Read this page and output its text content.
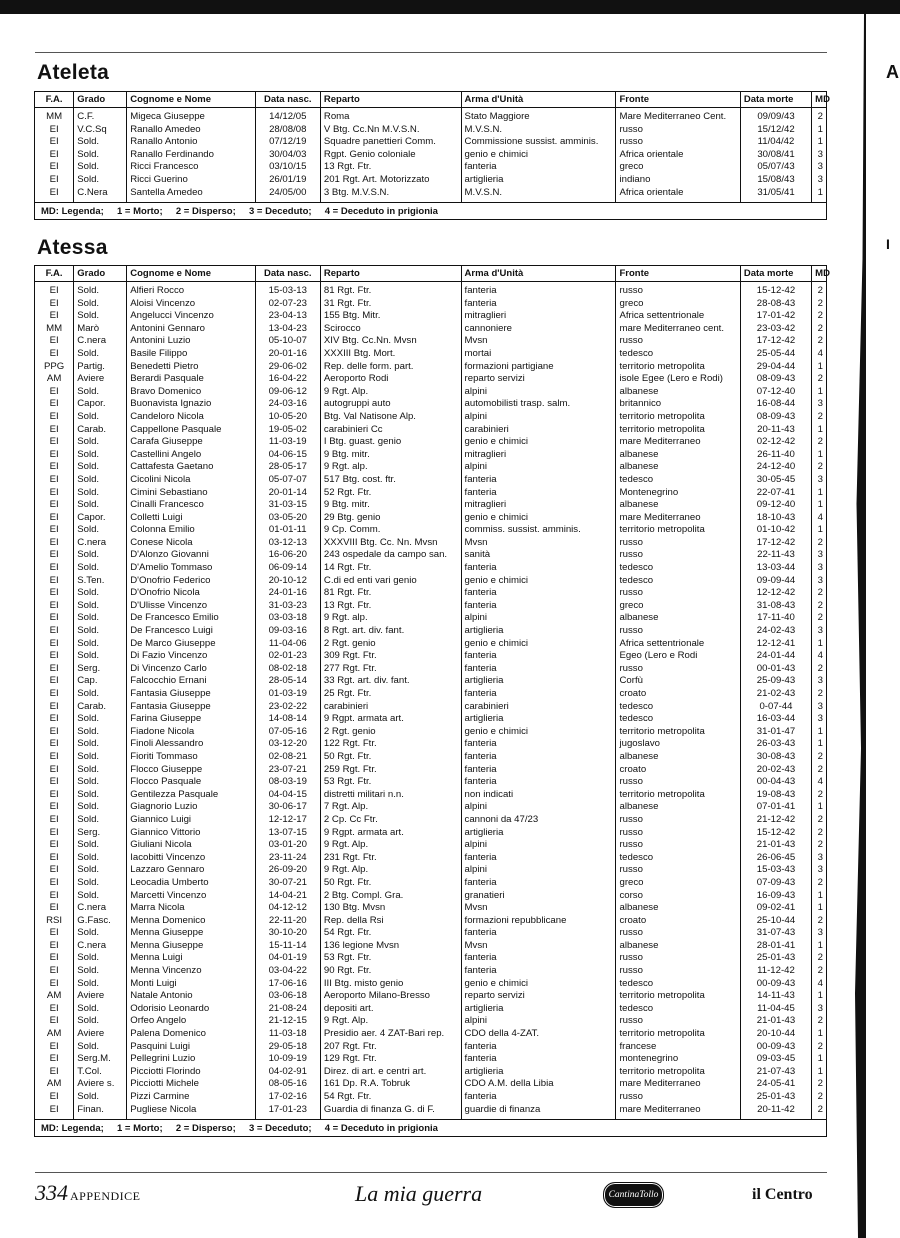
A
I
Ateleta
F.A.	Grado	Cognome e Nome	Data nasc.	Reparto	Arma d'Unità	Fronte	Data morte	MD
MM	C.F.	Migeca Giuseppe	14/12/05	Roma	Stato Maggiore	Mare Mediterraneo Cent.	09/09/43	2
EI	V.C.Sq	Ranallo Amedeo	28/08/08	V Btg. Cc.Nn M.V.S.N.	M.V.S.N.	russo	15/12/42	1
EI	Sold.	Ranallo Antonio	07/12/19	Squadre panettieri Comm.	Commissione sussist. amminis.	russo	11/04/42	1
EI	Sold.	Ranallo Ferdinando	30/04/03	Rgpt. Genio coloniale	genio e chimici	Africa orientale	30/08/41	3
EI	Sold.	Ricci Francesco	03/10/15	13 Rgt. Ftr.	fanteria	greco	05/07/43	3
EI	Sold.	Ricci Guerino	26/01/19	201 Rgt. Art. Motorizzato	artiglieria	indiano	15/08/43	3
EI	C.Nera	Santella Amedeo	24/05/00	3 Btg. M.V.S.N.	M.V.S.N.	Africa orientale	31/05/41	1
MD: Legenda;     1 = Morto;     2 = Disperso;     3 = Deceduto;     4 = Deceduto in prigionia
Atessa
F.A.	Grado	Cognome e Nome	Data nasc.	Reparto	Arma d'Unità	Fronte	Data morte	MD
EI	Sold.	Alfieri Rocco	15-03-13	81 Rgt. Ftr.	fanteria	russo	15-12-42	2
EI	Sold.	Aloisi Vincenzo	02-07-23	31 Rgt. Ftr.	fanteria	greco	28-08-43	2
EI	Sold.	Angelucci Vincenzo	23-04-13	155 Btg. Mitr.	mitraglieri	Africa settentrionale	17-01-42	2
MM	Marò	Antonini Gennaro	13-04-23	Scirocco	cannoniere	mare Mediterraneo cent.	23-03-42	2
EI	C.nera	Antonini Luzio	05-10-07	XIV Btg. Cc.Nn. Mvsn	Mvsn	russo	17-12-42	2
EI	Sold.	Basile Filippo	20-01-16	XXXIII Btg. Mort.	mortai	tedesco	25-05-44	4
PPG	Partig.	Benedetti Pietro	29-06-02	Rep. delle form. part.	formazioni partigiane	territorio metropolita	29-04-44	1
AM	Aviere	Berardi Pasquale	16-04-22	Aeroporto Rodi	reparto servizi	isole Egee (Lero e Rodi)	08-09-43	2
EI	Sold.	Bravo Domenico	09-06-12	9 Rgt. Alp.	alpini	albanese	07-12-40	1
EI	Capor.	Buonavista Ignazio	24-03-16	autogruppi auto	automobilisti trasp. salm.	britannico	16-08-44	3
EI	Sold.	Candeloro Nicola	10-05-20	Btg. Val Natisone Alp.	alpini	territorio metropolita	08-09-43	2
EI	Carab.	Cappellone Pasquale	19-05-02	carabinieri Cc	carabinieri	territorio metropolita	20-11-43	1
EI	Sold.	Carafa Giuseppe	11-03-19	I Btg. guast. genio	genio e chimici	mare Mediterraneo	02-12-42	2
EI	Sold.	Castellini Angelo	04-06-15	9 Btg. mitr.	mitraglieri	albanese	26-11-40	1
EI	Sold.	Cattafesta Gaetano	28-05-17	9 Rgt. alp.	alpini	albanese	24-12-40	2
EI	Sold.	Cicolini Nicola	05-07-07	517 Btg. cost. ftr.	fanteria	tedesco	30-05-45	3
EI	Sold.	Cimini Sebastiano	20-01-14	52 Rgt. Ftr.	fanteria	Montenegrino	22-07-41	1
EI	Sold.	Cinalli Francesco	31-03-15	9 Btg. mitr.	mitraglieri	albanese	09-12-40	1
EI	Capor.	Colletti Luigi	03-05-20	29 Btg. genio	genio e chimici	mare Mediterraneo	18-10-43	4
EI	Sold.	Colonna Emilio	01-01-11	9 Cp. Comm.	commiss. sussist. amminis.	territorio metropolita	01-10-42	1
EI	C.nera	Conese Nicola	03-12-13	XXXVIII Btg. Cc. Nn. Mvsn	Mvsn	russo	17-12-42	2
EI	Sold.	D'Alonzo Giovanni	16-06-20	243 ospedale da campo san.	sanità	russo	22-11-43	3
EI	Sold.	D'Amelio Tommaso	06-09-14	14 Rgt. Ftr.	fanteria	tedesco	13-03-44	3
EI	S.Ten.	D'Onofrio Federico	20-10-12	C.di ed enti vari genio	genio e chimici	tedesco	09-09-44	3
EI	Sold.	D'Onofrio Nicola	24-01-16	81 Rgt. Ftr.	fanteria	russo	12-12-42	2
EI	Sold.	D'Ulisse Vincenzo	31-03-23	13 Rgt. Ftr.	fanteria	greco	31-08-43	2
EI	Sold.	De Francesco Emilio	03-03-18	9 Rgt. alp.	alpini	albanese	17-11-40	2
EI	Sold.	De Francesco Luigi	09-03-16	8 Rgt. art. div. fant.	artiglieria	russo	24-02-43	3
EI	Sold.	De Marco Giuseppe	11-04-06	2 Rgt. genio	genio e chimici	Africa settentrionale	12-12-41	1
EI	Sold.	Di Fazio Vincenzo	02-01-23	309 Rgt. Ftr.	fanteria	Egeo (Lero e Rodi	24-01-44	4
EI	Serg.	Di Vincenzo Carlo	08-02-18	277 Rgt. Ftr.	fanteria	russo	00-01-43	2
EI	Cap.	Falcocchio Ernani	28-05-14	33 Rgt. art. div. fant.	artiglieria	Corfù	25-09-43	3
EI	Sold.	Fantasia Giuseppe	01-03-19	25 Rgt. Ftr.	fanteria	croato	21-02-43	2
EI	Carab.	Fantasia Giuseppe	23-02-22	carabinieri	carabinieri	tedesco	0-07-44	3
EI	Sold.	Farina Giuseppe	14-08-14	9 Rgpt. armata art.	artiglieria	tedesco	16-03-44	3
EI	Sold.	Fiadone Nicola	07-05-16	2 Rgt. genio	genio e chimici	territorio metropolita	31-01-47	1
EI	Sold.	Finoli Alessandro	03-12-20	122 Rgt. Ftr.	fanteria	jugoslavo	26-03-43	1
EI	Sold.	Fioriti Tommaso	02-08-21	50 Rgt. Ftr.	fanteria	albanese	30-08-43	2
EI	Sold.	Flocco Giuseppe	23-07-21	259 Rgt. Ftr.	fanteria	croato	20-02-43	2
EI	Sold.	Flocco Pasquale	08-03-19	53 Rgt. Ftr.	fanteria	russo	00-04-43	4
EI	Sold.	Gentilezza Pasquale	04-04-15	distretti militari n.n.	non indicati	territorio metropolita	19-08-43	2
EI	Sold.	Giagnorio Luzio	30-06-17	7 Rgt. Alp.	alpini	albanese	07-01-41	1
EI	Sold.	Giannico Luigi	12-12-17	2 Cp. Cc Ftr.	cannoni da 47/23	russo	21-12-42	2
EI	Serg.	Giannico Vittorio	13-07-15	9 Rgpt. armata art.	artiglieria	russo	15-12-42	2
EI	Sold.	Giuliani Nicola	03-01-20	9 Rgt. Alp.	alpini	russo	21-01-43	2
EI	Sold.	Iacobitti Vincenzo	23-11-24	231 Rgt. Ftr.	fanteria	tedesco	26-06-45	3
EI	Sold.	Lazzaro Gennaro	26-09-20	9 Rgt. Alp.	alpini	russo	15-03-43	3
EI	Sold.	Leocadia Umberto	30-07-21	50 Rgt. Ftr.	fanteria	greco	07-09-43	2
EI	Sold.	Marcetti Vincenzo	14-04-21	2 Btg. Compl. Gra.	granatieri	corso	16-09-43	1
EI	C.nera	Marra Nicola	04-12-12	130 Btg. Mvsn	Mvsn	albanese	09-02-41	1
RSI	G.Fasc.	Menna Domenico	22-11-20	Rep. della Rsi	formazioni repubblicane	croato	25-10-44	2
EI	Sold.	Menna Giuseppe	30-10-20	54 Rgt. Ftr.	fanteria	russo	31-07-43	3
EI	C.nera	Menna Giuseppe	15-11-14	136 legione Mvsn	Mvsn	albanese	28-01-41	1
EI	Sold.	Menna Luigi	04-01-19	53 Rgt. Ftr.	fanteria	russo	25-01-43	2
EI	Sold.	Menna Vincenzo	03-04-22	90 Rgt. Ftr.	fanteria	russo	11-12-42	2
EI	Sold.	Monti Luigi	17-06-16	III Btg. misto genio	genio e chimici	tedesco	00-09-43	4
AM	Aviere	Natale Antonio	03-06-18	Aeroporto Milano-Bresso	reparto servizi	territorio metropolita	14-11-43	1
EI	Sold.	Odorisio Leonardo	21-08-24	depositi art.	artiglieria	tedesco	11-04-45	3
EI	Sold.	Orfeo Angelo	21-12-15	9 Rgt. Alp.	alpini	russo	21-01-43	2
AM	Aviere	Palena Domenico	11-03-18	Presidio aer. 4 ZAT-Bari rep.	CDO della 4-ZAT.	territorio metropolita	20-10-44	1
EI	Sold.	Pasquini Luigi	29-05-18	207 Rgt. Ftr.	fanteria	francese	00-09-43	2
EI	Serg.M.	Pellegrini Luzio	10-09-19	129 Rgt. Ftr.	fanteria	montenegrino	09-03-45	1
EI	T.Col.	Picciotti Florindo	04-02-91	Direz. di art. e centri art.	artiglieria	territorio metropolita	21-07-43	1
AM	Aviere s.	Picciotti Michele	08-05-16	161 Dp. R.A. Tobruk	CDO A.M. della Libia	mare Mediterraneo	24-05-41	2
EI	Sold.	Pizzi Carmine	17-02-16	54 Rgt. Ftr.	fanteria	russo	25-01-43	2
EI	Finan.	Pugliese Nicola	17-01-23	Guardia di finanza G. di F.	guardie di finanza	mare Mediterraneo	20-11-42	2
MD: Legenda;     1 = Morto;     2 = Disperso;     3 = Deceduto;     4 = Deceduto in prigionia
334 APPENDICE	La mia guerra	CantinaTollo	il Centro
